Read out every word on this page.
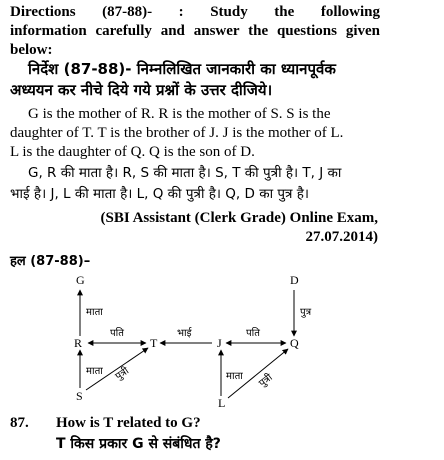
Directions (87-88)- : Study the following
information carefully and answer the questions given
below:
निर्देश (87-88)- निम्नलिखित जानकारी का ध्यानपूर्वक
अध्ययन कर नीचे दिये गये प्रश्नों के उत्तर दीजिये।
G is the mother of R. R is the mother of S. S is the
daughter of T. T is the brother of J. J is the mother of L.
L is the daughter of Q. Q is the son of D.
G, R की माता है। R, S की माता है। S, T की पुत्री है। T, J का
भाई है। J, L की माता है। L, Q की पुत्री है। Q, D का पुत्र है।
(SBI Assistant (Clerk Grade) Online Exam,
27.07.2014)
हल (87-88)–
G
R	T
S
D
J	Q
L
माता
पति	भाई	पति
पुत्र
माता पुत्री	माता पुत्री
87. How is T related to G?
T किस प्रकार G से संबंधित है?
